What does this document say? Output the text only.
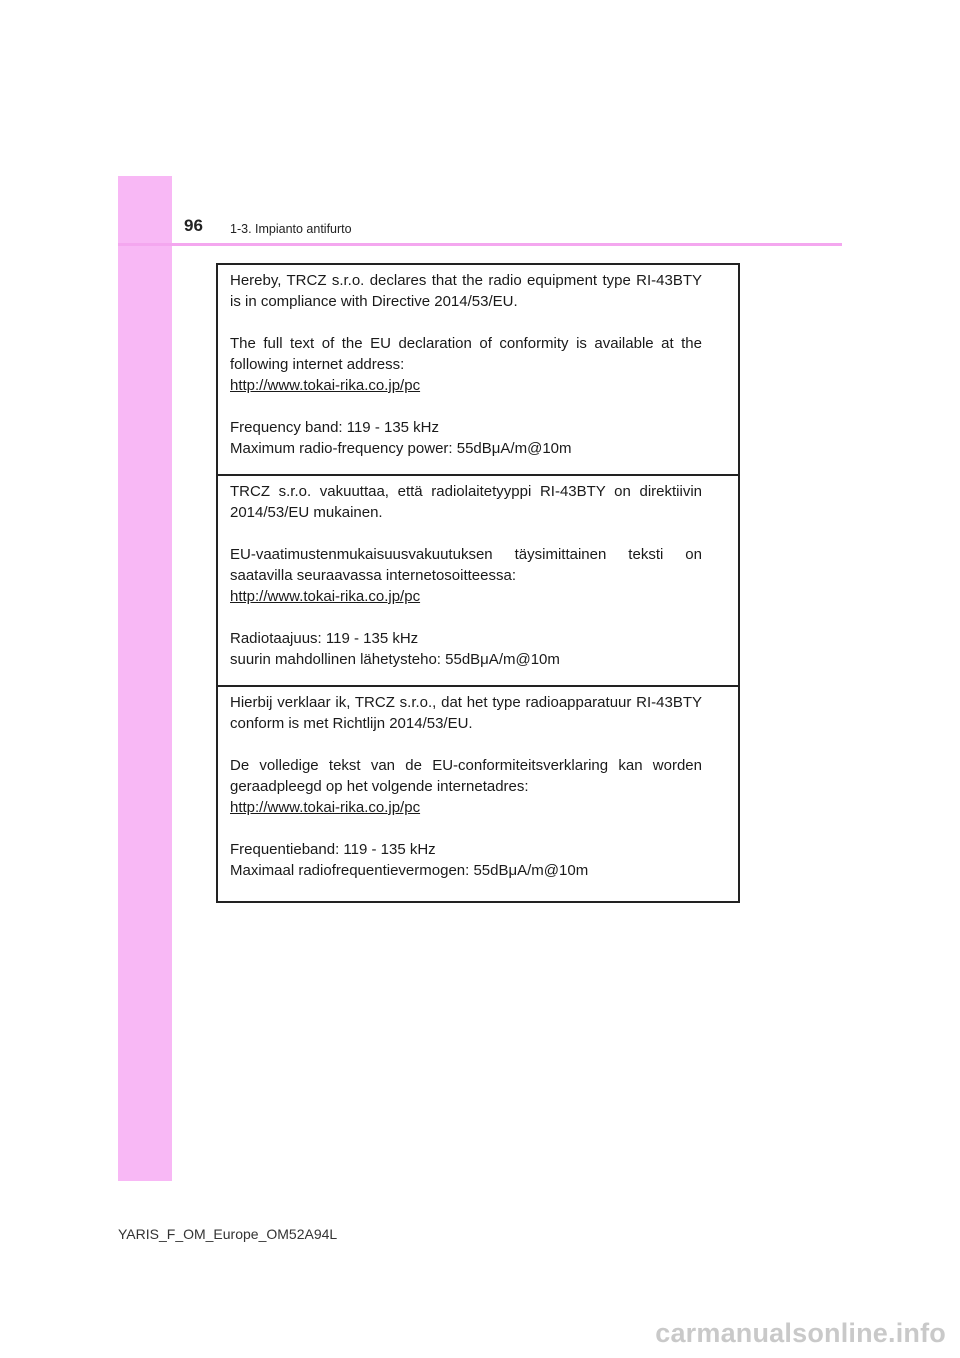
96 1-3. Impianto antifurto

Hereby, TRCZ s.r.o. declares that the radio equipment type RI-43BTY is in compliance with Directive 2014/53/EU.

The full text of the EU declaration of conformity is available at the following internet address:
http://www.tokai-rika.co.jp/pc

Frequency band: 119 - 135 kHz
Maximum radio-frequency power: 55dBμA/m@10m

TRCZ s.r.o. vakuuttaa, että radiolaitetyyppi RI-43BTY on direktiivin 2014/53/EU mukainen.

EU-vaatimustenmukaisuusvakuutuksen täysimittainen teksti on saatavilla seuraavassa internetosoitteessa:
http://www.tokai-rika.co.jp/pc

Radiotaajuus: 119 - 135 kHz
suurin mahdollinen lähetysteho: 55dBμA/m@10m

Hierbij verklaar ik, TRCZ s.r.o., dat het type radioapparatuur RI-43BTY conform is met Richtlijn 2014/53/EU.

De volledige tekst van de EU-conformiteitsverklaring kan worden geraadpleegd op het volgende internetadres:
http://www.tokai-rika.co.jp/pc

Frequentieband: 119 - 135 kHz
Maximaal radiofrequentievermogen: 55dBμA/m@10m

YARIS_F_OM_Europe_OM52A94L
carmanualsonline.info
